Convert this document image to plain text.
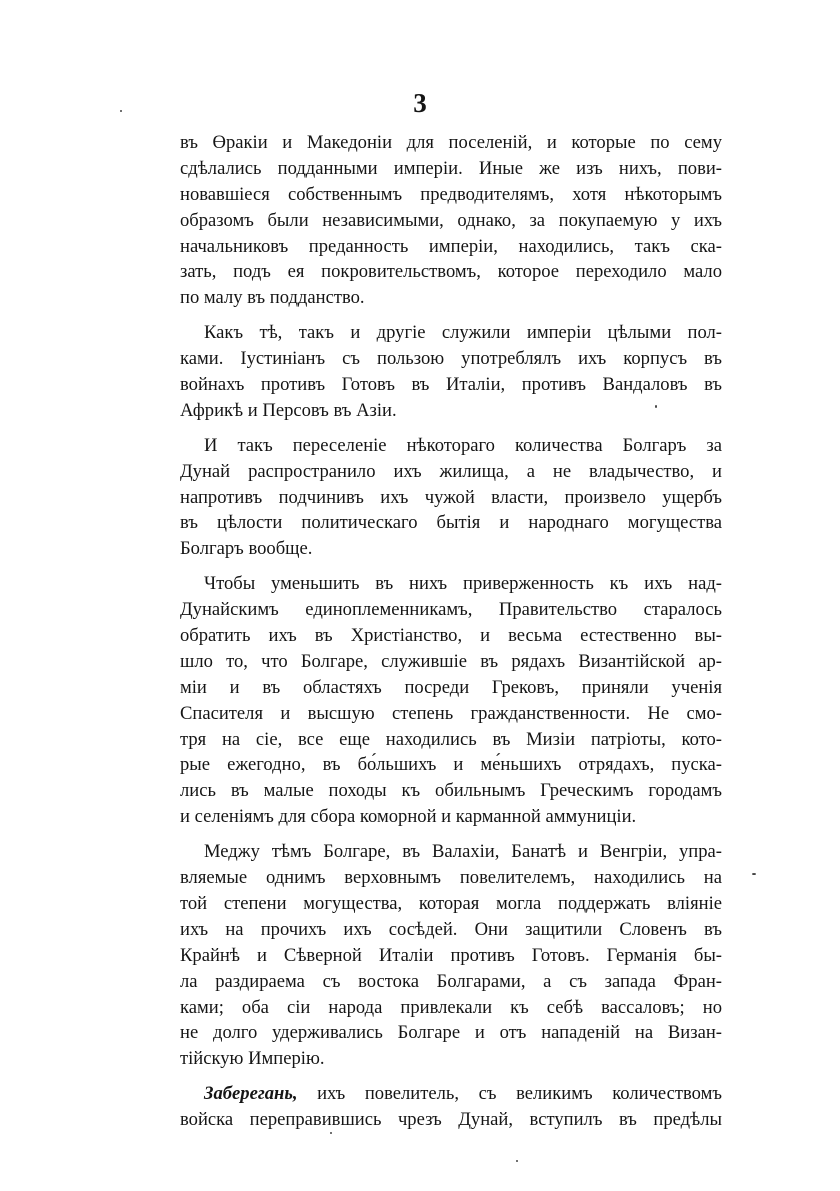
3
въ Өракіи и Македоніи для поселеній, и которые по сему
сдѣлались подданными имперіи. Иные же изъ нихъ, пови-
новавшіеся собственнымъ предводителямъ, хотя нѣкоторымъ
образомъ были независимыми, однако, за покупаемую у ихъ
начальниковъ преданность имперіи, находились, такъ ска-
зать, подъ ея покровительствомъ, которое переходило мало
по малу въ подданство.
Какъ тѣ, такъ и другіе служили имперіи цѣлыми пол-
ками. Іустиніанъ съ пользою употреблялъ ихъ корпусъ въ
войнахъ противъ Готовъ въ Италіи, противъ Вандаловъ въ
Африкѣ и Персовъ въ Азіи.
И такъ переселеніе нѣкотораго количества Болгаръ за
Дунай распространило ихъ жилища, а не владычество, и
напротивъ подчинивъ ихъ чужой власти, произвело ущербъ
въ цѣлости политическаго бытія и народнаго могущества
Болгаръ вообще.
Чтобы уменьшить въ нихъ приверженность къ ихъ над-
Дунайскимъ единоплеменникамъ, Правительство старалось
обратить ихъ въ Христіанство, и весьма естественно вы-
шло то, что Болгаре, служившіе въ рядахъ Византійской ар-
міи и въ областяхъ посреди Грековъ, приняли ученія
Спасителя и высшую степень гражданственности. Не смо-
тря на сіе, все еще находились въ Мизіи патріоты, кото-
рые ежегодно, въ бо́льшихъ и ме́ньшихъ отрядахъ, пуска-
лись въ малые походы къ обильнымъ Греческимъ городамъ
и селеніямъ для сбора коморной и карманной аммуниціи.
Меджу тѣмъ Болгаре, въ Валахіи, Банатѣ и Венгріи, упра-
вляемые однимъ верховнымъ повелителемъ, находились на
той степени могущества, которая могла поддержать вліяніе
ихъ на прочихъ ихъ сосѣдей. Они защитили Словенъ въ
Крайнѣ и Сѣверной Италіи противъ Готовъ. Германія бы-
ла раздираема съ востока Болгарами, а съ запада Фран-
ками; оба сіи народа привлекали къ себѣ вассаловъ; но
не долго удерживались Болгаре и отъ нападеній на Визан-
тійскую Имперію.
Заберегань, ихъ повелитель, съ великимъ количествомъ
войска переправившись чрезъ Дунай, вступилъ въ предѣлы
